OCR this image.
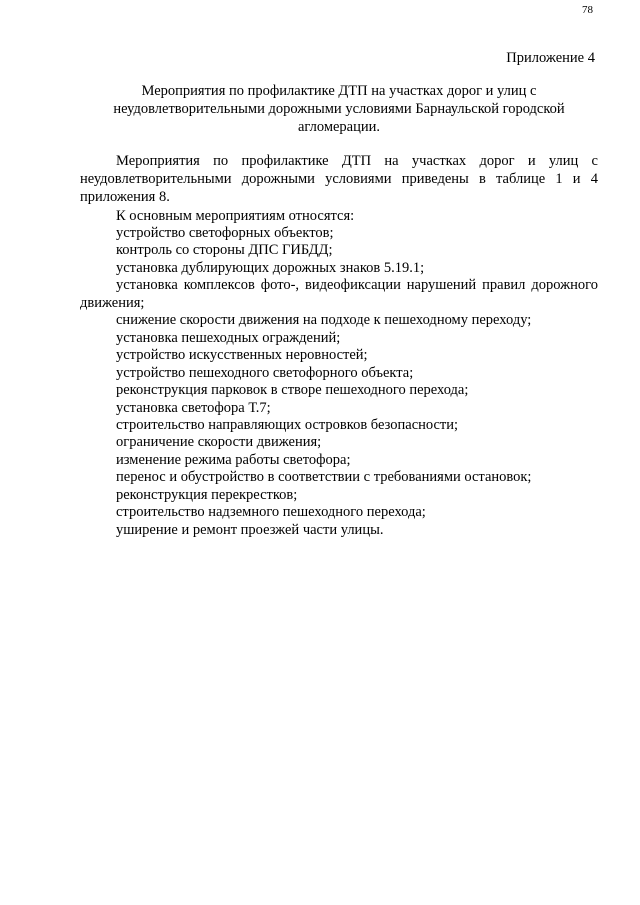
78
Приложение 4
Мероприятия по профилактике ДТП на участках дорог и улиц с неудовлетворительными дорожными условиями Барнаульской городской агломерации.

Мероприятия по профилактике ДТП на участках дорог и улиц с неудовлетворительными дорожными условиями приведены в таблице 1 и 4 приложения 8.

К основным мероприятиям относятся:

устройство светофорных объектов;
контроль со стороны ДПС ГИБДД;
установка дублирующих дорожных знаков 5.19.1;
установка комплексов фото-, видеофиксации нарушений правил дорожного движения;
снижение скорости движения на подходе к пешеходному переходу;
установка пешеходных ограждений;
устройство искусственных неровностей;
устройство пешеходного светофорного объекта;
реконструкция парковок в створе пешеходного перехода;
установка светофора Т.7;
строительство направляющих островков безопасности;
ограничение скорости движения;
изменение режима работы светофора;
перенос и обустройство в соответствии с требованиями остановок;
реконструкция перекрестков;
строительство надземного пешеходного перехода;
уширение и ремонт проезжей части улицы.
